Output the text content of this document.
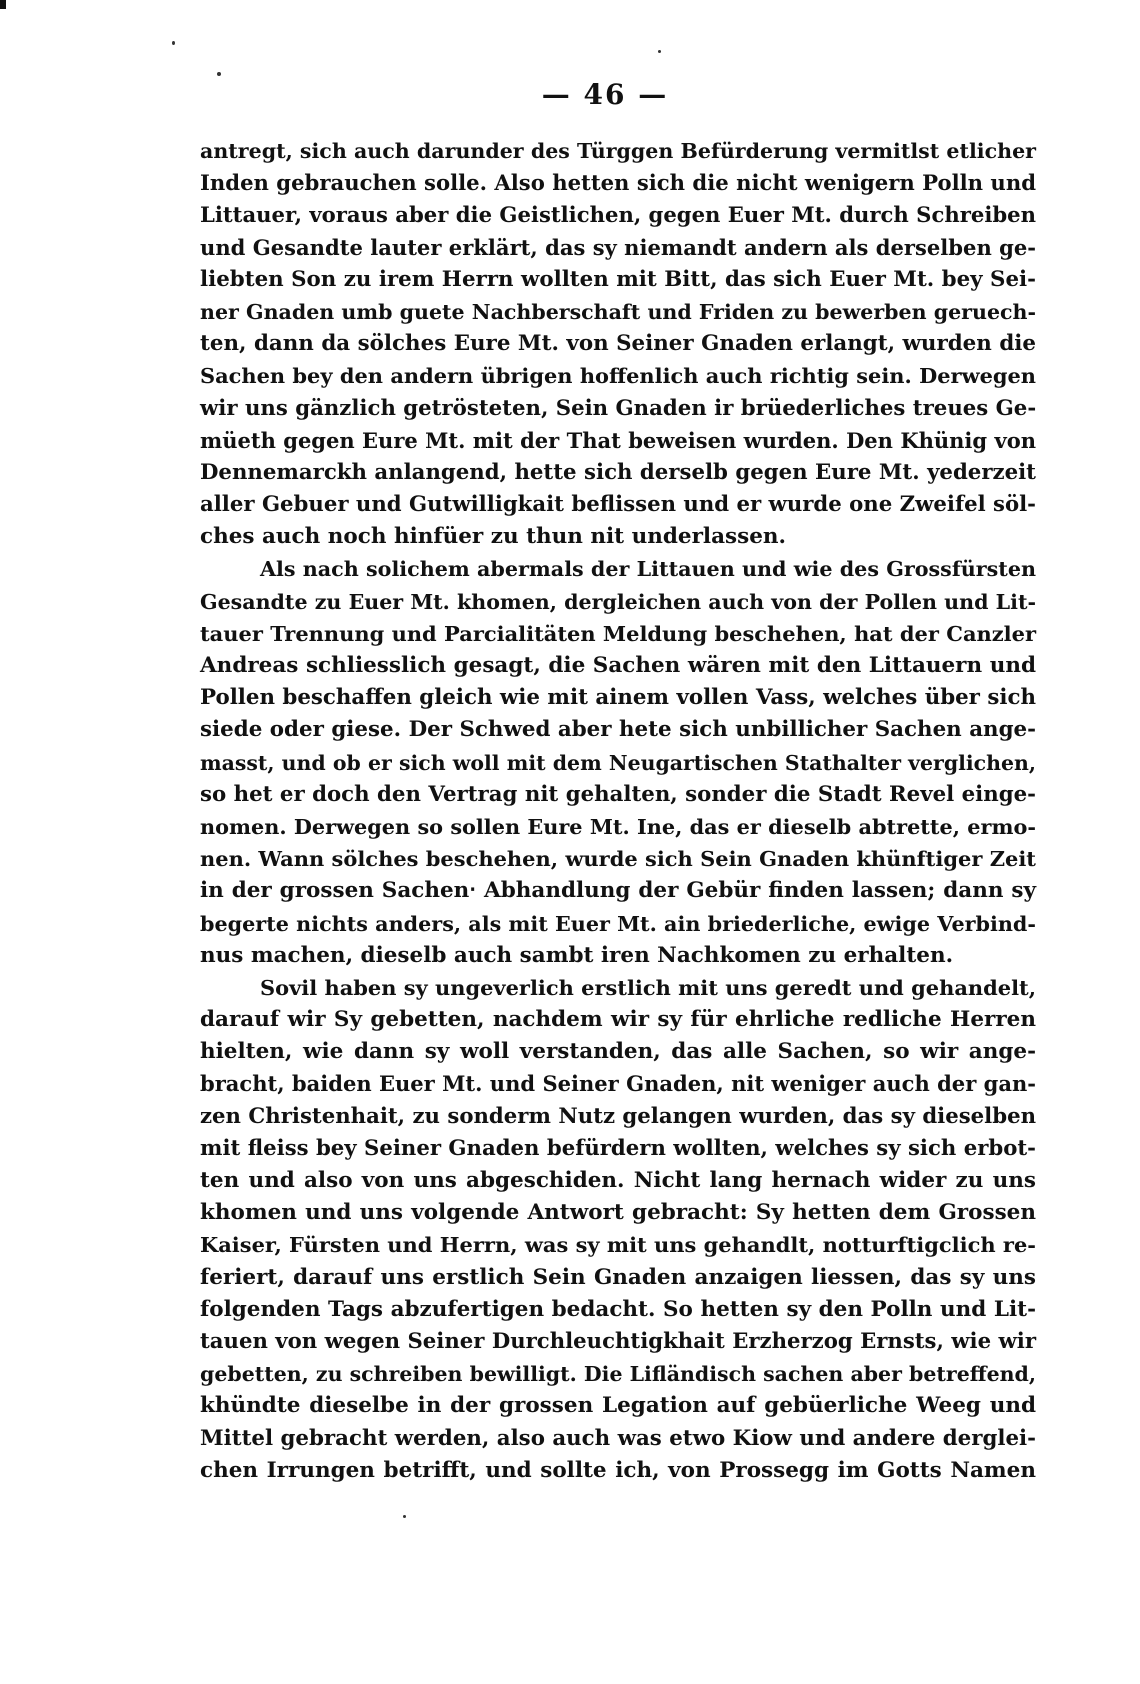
— 46 —
antregt, sich auch darunder des Türggen Befürderung vermitlst etlicher
Inden gebrauchen solle. Also hetten sich die nicht wenigern Polln und
Littauer, voraus aber die Geistlichen, gegen Euer Mt. durch Schreiben
und Gesandte lauter erklärt, das sy niemandt andern als derselben ge-
liebten Son zu irem Herrn wollten mit Bitt, das sich Euer Mt. bey Sei-
ner Gnaden umb guete Nachberschaft und Friden zu bewerben geruech-
ten, dann da sölches Eure Mt. von Seiner Gnaden erlangt, wurden die
Sachen bey den andern übrigen hoffenlich auch richtig sein. Derwegen
wir uns gänzlich getrösteten, Sein Gnaden ir brüederliches treues Ge-
müeth gegen Eure Mt. mit der That beweisen wurden. Den Khünig von
Dennemarckh anlangend, hette sich derselb gegen Eure Mt. yederzeit
aller Gebuer und Gutwilligkait beflissen und er wurde one Zweifel söl-
ches auch noch hinfüer zu thun nit underlassen.
Als nach solichem abermals der Littauen und wie des Grossfürsten
Gesandte zu Euer Mt. khomen, dergleichen auch von der Pollen und Lit-
tauer Trennung und Parcialitäten Meldung beschehen, hat der Canzler
Andreas schliesslich gesagt, die Sachen wären mit den Littauern und
Pollen beschaffen gleich wie mit ainem vollen Vass, welches über sich
siede oder giese. Der Schwed aber hete sich unbillicher Sachen ange-
masst, und ob er sich woll mit dem Neugartischen Stathalter verglichen,
so het er doch den Vertrag nit gehalten, sonder die Stadt Revel einge-
nomen. Derwegen so sollen Eure Mt. Ine, das er dieselb abtrette, ermo-
nen. Wann sölches beschehen, wurde sich Sein Gnaden khünftiger Zeit
in der grossen Sachen‧ Abhandlung der Gebür finden lassen; dann sy
begerte nichts anders, als mit Euer Mt. ain briederliche, ewige Verbind-
nus machen, dieselb auch sambt iren Nachkomen zu erhalten.
Sovil haben sy ungeverlich erstlich mit uns geredt und gehandelt,
darauf wir Sy gebetten, nachdem wir sy für ehrliche redliche Herren
hielten, wie dann sy woll verstanden, das alle Sachen, so wir ange-
bracht, baiden Euer Mt. und Seiner Gnaden, nit weniger auch der gan-
zen Christenhait, zu sonderm Nutz gelangen wurden, das sy dieselben
mit fleiss bey Seiner Gnaden befürdern wollten, welches sy sich erbot-
ten und also von uns abgeschiden. Nicht lang hernach wider zu uns
khomen und uns volgende Antwort gebracht: Sy hetten dem Grossen
Kaiser, Fürsten und Herrn, was sy mit uns gehandlt, notturftigclich re-
feriert, darauf uns erstlich Sein Gnaden anzaigen liessen, das sy uns
folgenden Tags abzufertigen bedacht. So hetten sy den Polln und Lit-
tauen von wegen Seiner Durchleuchtigkhait Erzherzog Ernsts, wie wir
gebetten, zu schreiben bewilligt. Die Lifländisch sachen aber betreffend,
khündte dieselbe in der grossen Legation auf gebüerliche Weeg und
Mittel gebracht werden, also auch was etwo Kiow und andere derglei-
chen Irrungen betrifft, und sollte ich, von Prossegg im Gotts Namen
